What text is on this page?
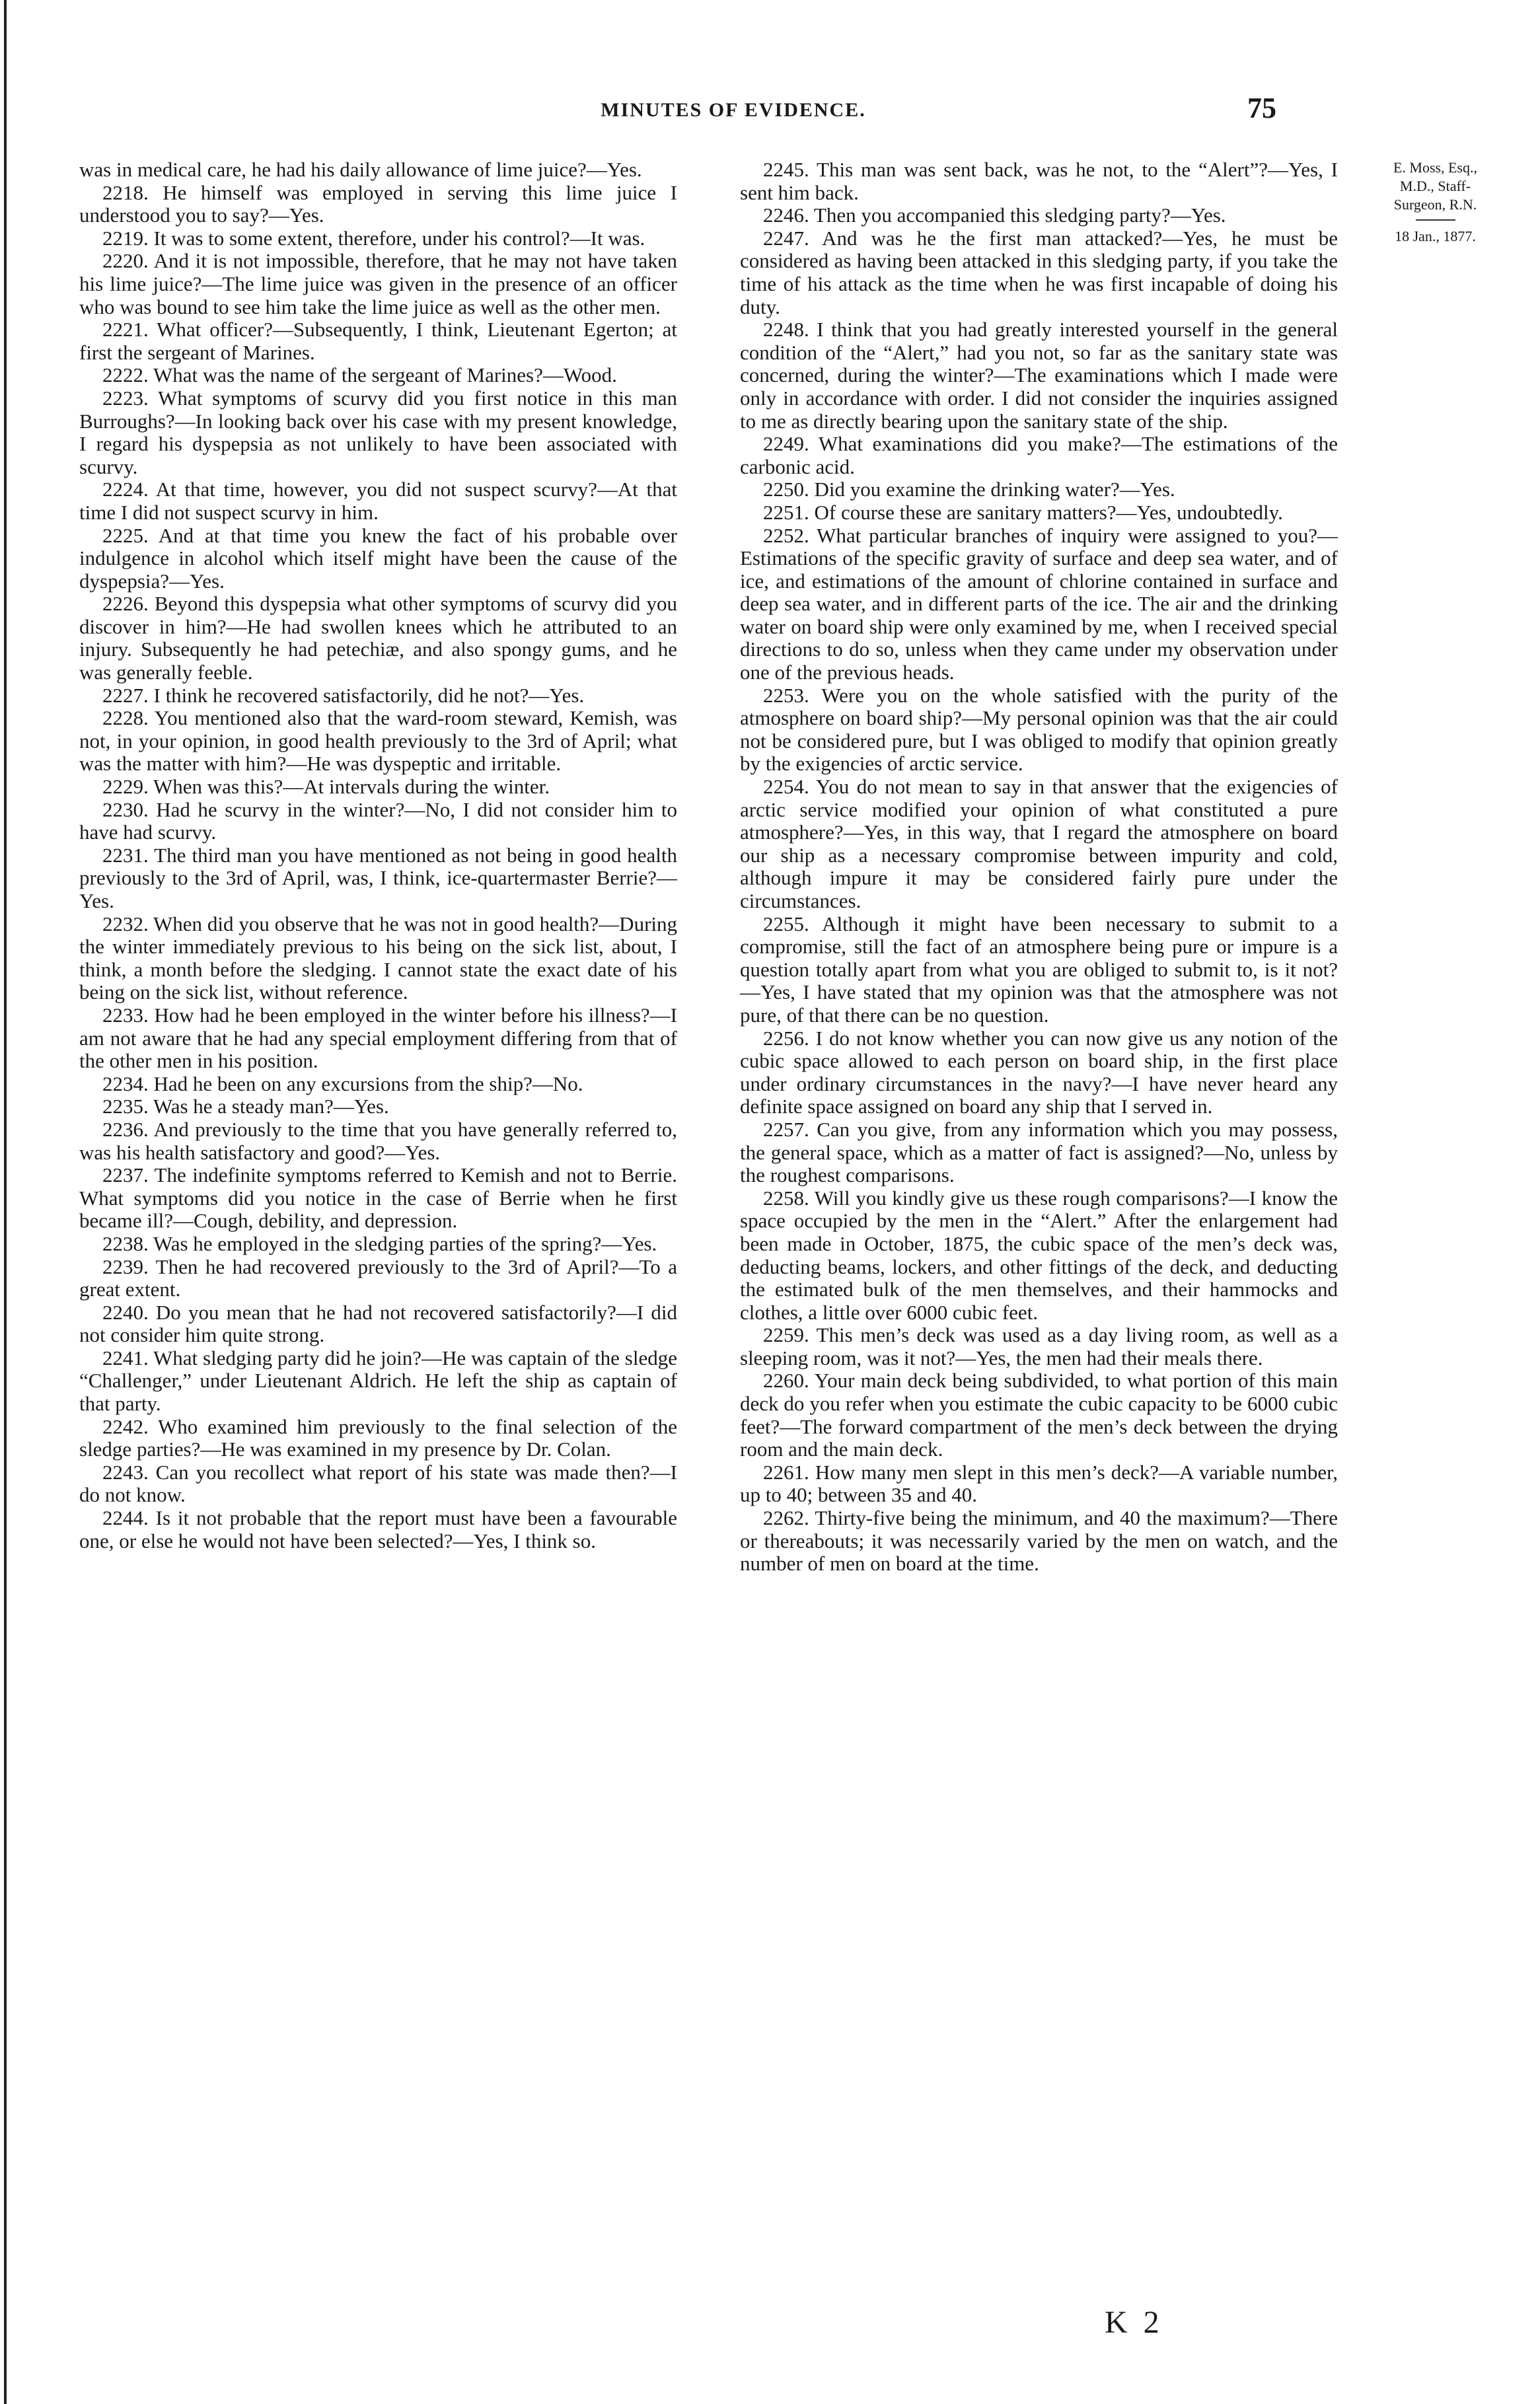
MINUTES OF EVIDENCE.	75

was in medical care, he had his daily allowance of lime juice?—Yes.

2218. He himself was employed in serving this lime juice I understood you to say?—Yes.

2219. It was to some extent, therefore, under his control?—It was.

2220. And it is not impossible, therefore, that he may not have taken his lime juice?—The lime juice was given in the presence of an officer who was bound to see him take the lime juice as well as the other men.

2221. What officer?—Subsequently, I think, Lieutenant Egerton; at first the sergeant of Marines.

2222. What was the name of the sergeant of Marines?—Wood.

2223. What symptoms of scurvy did you first notice in this man Burroughs?—In looking back over his case with my present knowledge, I regard his dyspepsia as not unlikely to have been associated with scurvy.

2224. At that time, however, you did not suspect scurvy?—At that time I did not suspect scurvy in him.

2225. And at that time you knew the fact of his probable over indulgence in alcohol which itself might have been the cause of the dyspepsia?—Yes.

2226. Beyond this dyspepsia what other symptoms of scurvy did you discover in him?—He had swollen knees which he attributed to an injury. Subsequently he had petechiæ, and also spongy gums, and he was generally feeble.

2227. I think he recovered satisfactorily, did he not?—Yes.

2228. You mentioned also that the ward-room steward, Kemish, was not, in your opinion, in good health previously to the 3rd of April; what was the matter with him?—He was dyspeptic and irritable.

2229. When was this?—At intervals during the winter.

2230. Had he scurvy in the winter?—No, I did not consider him to have had scurvy.

2231. The third man you have mentioned as not being in good health previously to the 3rd of April, was, I think, ice-quartermaster Berrie?—Yes.

2232. When did you observe that he was not in good health?—During the winter immediately previous to his being on the sick list, about, I think, a month before the sledging. I cannot state the exact date of his being on the sick list, without reference.

2233. How had he been employed in the winter before his illness?—I am not aware that he had any special employment differing from that of the other men in his position.

2234. Had he been on any excursions from the ship?—No.

2235. Was he a steady man?—Yes.

2236. And previously to the time that you have generally referred to, was his health satisfactory and good?—Yes.

2237. The indefinite symptoms referred to Kemish and not to Berrie. What symptoms did you notice in the case of Berrie when he first became ill?—Cough, debility, and depression.

2238. Was he employed in the sledging parties of the spring?—Yes.

2239. Then he had recovered previously to the 3rd of April?—To a great extent.

2240. Do you mean that he had not recovered satisfactorily?—I did not consider him quite strong.

2241. What sledging party did he join?—He was captain of the sledge “Challenger,” under Lieutenant Aldrich. He left the ship as captain of that party.

2242. Who examined him previously to the final selection of the sledge parties?—He was examined in my presence by Dr. Colan.

2243. Can you recollect what report of his state was made then?—I do not know.

2244. Is it not probable that the report must have been a favourable one, or else he would not have been selected?—Yes, I think so.

2245. This man was sent back, was he not, to the “Alert”?—Yes, I sent him back.

2246. Then you accompanied this sledging party?—Yes.

2247. And was he the first man attacked?—Yes, he must be considered as having been attacked in this sledging party, if you take the time of his attack as the time when he was first incapable of doing his duty.

2248. I think that you had greatly interested yourself in the general condition of the “Alert,” had you not, so far as the sanitary state was concerned, during the winter?—The examinations which I made were only in accordance with order. I did not consider the inquiries assigned to me as directly bearing upon the sanitary state of the ship.

2249. What examinations did you make?—The estimations of the carbonic acid.

2250. Did you examine the drinking water?—Yes.

2251. Of course these are sanitary matters?—Yes, undoubtedly.

2252. What particular branches of inquiry were assigned to you?—Estimations of the specific gravity of surface and deep sea water, and of ice, and estimations of the amount of chlorine contained in surface and deep sea water, and in different parts of the ice. The air and the drinking water on board ship were only examined by me, when I received special directions to do so, unless when they came under my observation under one of the previous heads.

2253. Were you on the whole satisfied with the purity of the atmosphere on board ship?—My personal opinion was that the air could not be considered pure, but I was obliged to modify that opinion greatly by the exigencies of arctic service.

2254. You do not mean to say in that answer that the exigencies of arctic service modified your opinion of what constituted a pure atmosphere?—Yes, in this way, that I regard the atmosphere on board our ship as a necessary compromise between impurity and cold, although impure it may be considered fairly pure under the circumstances.

2255. Although it might have been necessary to submit to a compromise, still the fact of an atmosphere being pure or impure is a question totally apart from what you are obliged to submit to, is it not?—Yes, I have stated that my opinion was that the atmosphere was not pure, of that there can be no question.

2256. I do not know whether you can now give us any notion of the cubic space allowed to each person on board ship, in the first place under ordinary circumstances in the navy?—I have never heard any definite space assigned on board any ship that I served in.

2257. Can you give, from any information which you may possess, the general space, which as a matter of fact is assigned?—No, unless by the roughest comparisons.

2258. Will you kindly give us these rough comparisons?—I know the space occupied by the men in the “Alert.” After the enlargement had been made in October, 1875, the cubic space of the men’s deck was, deducting beams, lockers, and other fittings of the deck, and deducting the estimated bulk of the men themselves, and their hammocks and clothes, a little over 6000 cubic feet.

2259. This men’s deck was used as a day living room, as well as a sleeping room, was it not?—Yes, the men had their meals there.

2260. Your main deck being subdivided, to what portion of this main deck do you refer when you estimate the cubic capacity to be 6000 cubic feet?—The forward compartment of the men’s deck between the drying room and the main deck.

2261. How many men slept in this men’s deck?—A variable number, up to 40; between 35 and 40.

2262. Thirty-five being the minimum, and 40 the maximum?—There or thereabouts; it was necessarily varied by the men on watch, and the number of men on board at the time.

E. Moss, Esq.,
M.D., Staff-
Surgeon, R.N.
18 Jan., 1877.
K 2
